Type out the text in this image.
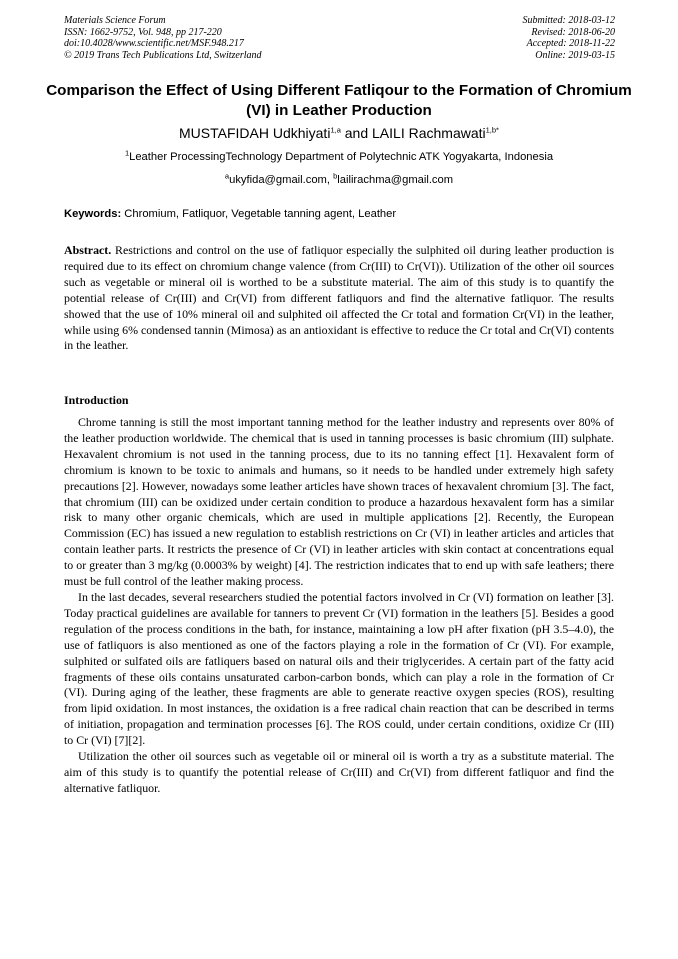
Materials Science Forum
ISSN: 1662-9752, Vol. 948, pp 217-220
doi:10.4028/www.scientific.net/MSF.948.217
© 2019 Trans Tech Publications Ltd, Switzerland
Submitted: 2018-03-12
Revised: 2018-06-20
Accepted: 2018-11-22
Online: 2019-03-15
Comparison the Effect of Using Different Fatliqour to the Formation of Chromium (VI) in Leather Production
MUSTAFIDAH Udkhiyati$^{1,a}$ and LAILI Rachmawati$^{1,b*}$
$^1$Leather ProcessingTechnology Department of Polytechnic ATK Yogyakarta, Indonesia
$^a$ukyfida@gmail.com, $^b$lailirachma@gmail.com
Keywords: Chromium, Fatliquor, Vegetable tanning agent, Leather
Abstract. Restrictions and control on the use of fatliquor especially the sulphited oil during leather production is required due to its effect on chromium change valence (from Cr(III) to Cr(VI)). Utilization of the other oil sources such as vegetable or mineral oil is worthed to be a substitute material. The aim of this study is to quantify the potential release of Cr(III) and Cr(VI) from different fatliquors and find the alternative fatliquor. The results showed that the use of 10% mineral oil and sulphited oil affected the Cr total and formation Cr(VI) in the leather, while using 6% condensed tannin (Mimosa) as an antioxidant is effective to reduce the Cr total and Cr(VI) contents in the leather.
Introduction

Chrome tanning is still the most important tanning method for the leather industry and represents over 80% of the leather production worldwide. The chemical that is used in tanning processes is basic chromium (III) sulphate. Hexavalent chromium is not used in the tanning process, due to its no tanning effect [1]. Hexavalent form of chromium is known to be toxic to animals and humans, so it needs to be handled under extremely high safety precautions [2]. However, nowadays some leather articles have shown traces of hexavalent chromium [3]. The fact, that chromium (III) can be oxidized under certain condition to produce a hazardous hexavalent form has a similar risk to many other organic chemicals, which are used in multiple applications [2]. Recently, the European Commission (EC) has issued a new regulation to establish restrictions on Cr (VI) in leather articles and articles that contain leather parts. It restricts the presence of Cr (VI) in leather articles with skin contact at concentrations equal to or greater than 3 mg/kg (0.0003% by weight) [4]. The restriction indicates that to end up with safe leathers; there must be full control of the leather making process.

In the last decades, several researchers studied the potential factors involved in Cr (VI) formation on leather [3]. Today practical guidelines are available for tanners to prevent Cr (VI) formation in the leathers [5]. Besides a good regulation of the process conditions in the bath, for instance, maintaining a low pH after fixation (pH 3.5–4.0), the use of fatliquors is also mentioned as one of the factors playing a role in the formation of Cr (VI). For example, sulphited or sulfated oils are fatliquers based on natural oils and their triglycerides. A certain part of the fatty acid fragments of these oils contains unsaturated carbon-carbon bonds, which can play a role in the formation of Cr (VI). During aging of the leather, these fragments are able to generate reactive oxygen species (ROS), resulting from lipid oxidation. In most instances, the oxidation is a free radical chain reaction that can be described in terms of initiation, propagation and termination processes [6]. The ROS could, under certain conditions, oxidize Cr (III) to Cr (VI) [7][2].

Utilization the other oil sources such as vegetable oil or mineral oil is worth a try as a substitute material. The aim of this study is to quantify the potential release of Cr(III) and Cr(VI) from different fatliquor and find the alternative fatliquor.
